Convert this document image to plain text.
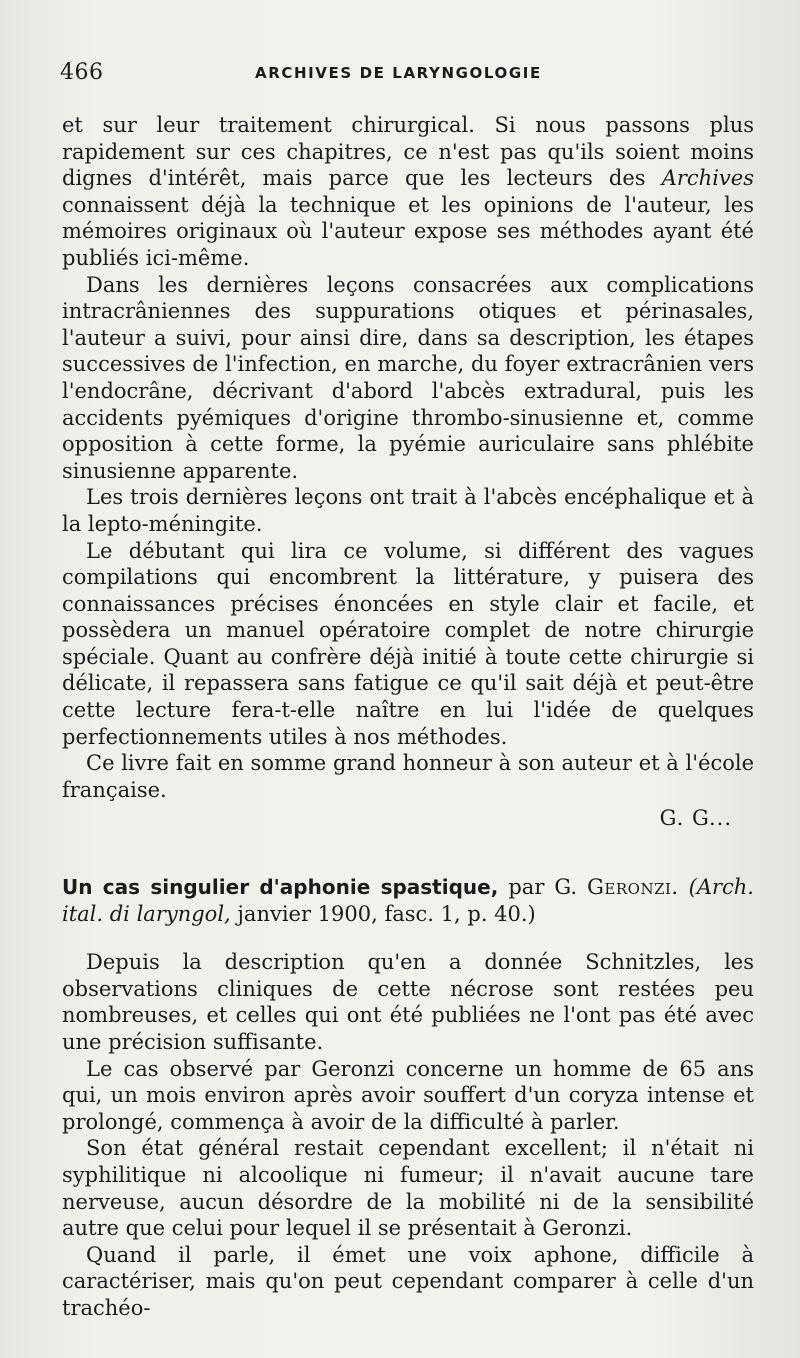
466	ARCHIVES DE LARYNGOLOGIE

et sur leur traitement chirurgical. Si nous passons plus rapidement sur ces chapitres, ce n'est pas qu'ils soient moins dignes d'intérêt, mais parce que les lecteurs des Archives connaissent déjà la technique et les opinions de l'auteur, les mémoires originaux où l'auteur expose ses méthodes ayant été publiés ici-même.

Dans les dernières leçons consacrées aux complications intracrâniennes des suppurations otiques et périnasales, l'auteur a suivi, pour ainsi dire, dans sa description, les étapes successives de l'infection, en marche, du foyer extracrânien vers l'endocrâne, décrivant d'abord l'abcès extradural, puis les accidents pyémiques d'origine thrombo-sinusienne et, comme opposition à cette forme, la pyémie auriculaire sans phlébite sinusienne apparente.

Les trois dernières leçons ont trait à l'abcès encéphalique et à la lepto-méningite.

Le débutant qui lira ce volume, si différent des vagues compilations qui encombrent la littérature, y puisera des connaissances précises énoncées en style clair et facile, et possèdera un manuel opératoire complet de notre chirurgie spéciale. Quant au confrère déjà initié à toute cette chirurgie si délicate, il repassera sans fatigue ce qu'il sait déjà et peut-être cette lecture fera-t-elle naître en lui l'idée de quelques perfectionnements utiles à nos méthodes.

Ce livre fait en somme grand honneur à son auteur et à l'école française.

G. G...
Un cas singulier d'aphonie spastique, par G. Geronzi. (Arch. ital. di laryngol, janvier 1900, fasc. 1, p. 40.)

Depuis la description qu'en a donnée Schnitzles, les observations cliniques de cette nécrose sont restées peu nombreuses, et celles qui ont été publiées ne l'ont pas été avec une précision suffisante.

Le cas observé par Geronzi concerne un homme de 65 ans qui, un mois environ après avoir souffert d'un coryza intense et prolongé, commença à avoir de la difficulté à parler.

Son état général restait cependant excellent; il n'était ni syphilitique ni alcoolique ni fumeur; il n'avait aucune tare nerveuse, aucun désordre de la mobilité ni de la sensibilité autre que celui pour lequel il se présentait à Geronzi.

Quand il parle, il émet une voix aphone, difficile à caractériser, mais qu'on peut cependant comparer à celle d'un trachéo-
